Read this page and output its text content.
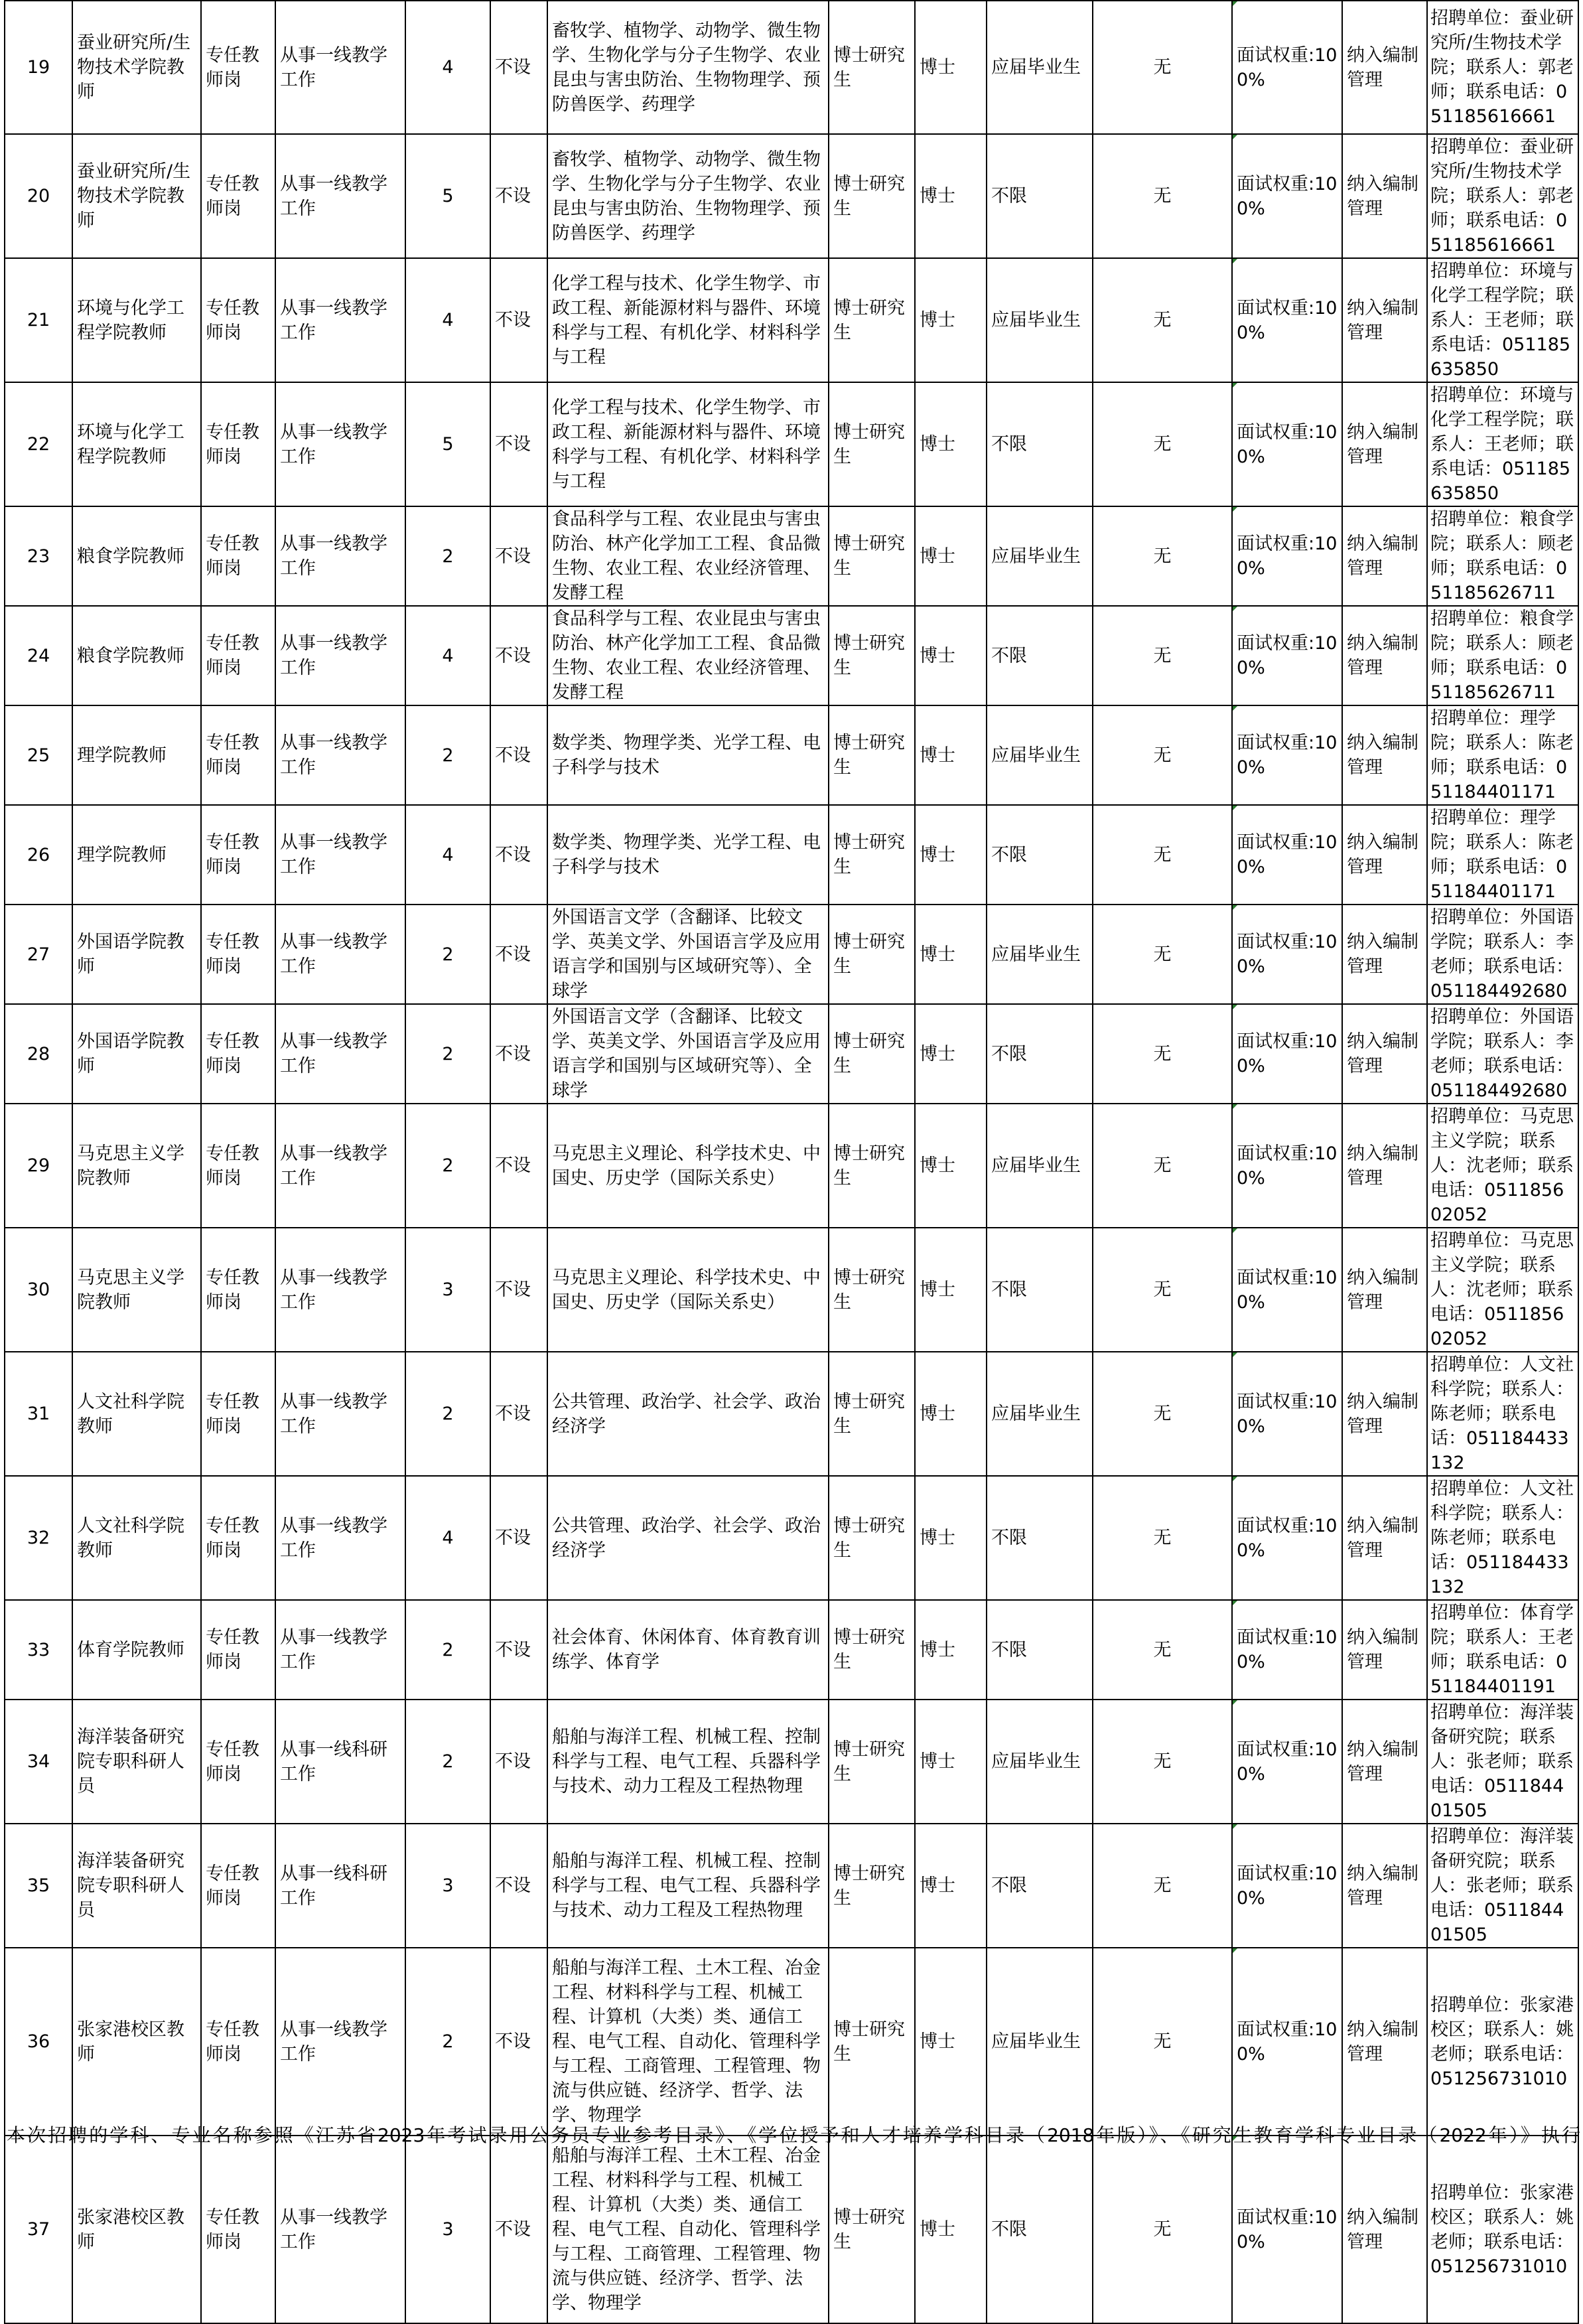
19	蚕业研究所/生物技术学院教师	专任教师岗	从事一线教学工作	4	不设	畜牧学、植物学、动物学、微生物学、生物化学与分子生物学、农业昆虫与害虫防治、生物物理学、预防兽医学、药理学	博士研究生	博士	应届毕业生	无	面试权重:100%	纳入编制管理	招聘单位：蚕业研究所/生物技术学院；联系人：郭老师；联系电话：051185616661
20	蚕业研究所/生物技术学院教师	专任教师岗	从事一线教学工作	5	不设	畜牧学、植物学、动物学、微生物学、生物化学与分子生物学、农业昆虫与害虫防治、生物物理学、预防兽医学、药理学	博士研究生	博士	不限	无	面试权重:100%	纳入编制管理	招聘单位：蚕业研究所/生物技术学院；联系人：郭老师；联系电话：051185616661
21	环境与化学工程学院教师	专任教师岗	从事一线教学工作	4	不设	化学工程与技术、化学生物学、市政工程、新能源材料与器件、环境科学与工程、有机化学、材料科学与工程	博士研究生	博士	应届毕业生	无	面试权重:100%	纳入编制管理	招聘单位：环境与化学工程学院；联系人：王老师；联系电话：051185635850
22	环境与化学工程学院教师	专任教师岗	从事一线教学工作	5	不设	化学工程与技术、化学生物学、市政工程、新能源材料与器件、环境科学与工程、有机化学、材料科学与工程	博士研究生	博士	不限	无	面试权重:100%	纳入编制管理	招聘单位：环境与化学工程学院；联系人：王老师；联系电话：051185635850
23	粮食学院教师	专任教师岗	从事一线教学工作	2	不设	食品科学与工程、农业昆虫与害虫防治、林产化学加工工程、食品微生物、农业工程、农业经济管理、发酵工程	博士研究生	博士	应届毕业生	无	面试权重:100%	纳入编制管理	招聘单位：粮食学院；联系人：顾老师；联系电话：051185626711
24	粮食学院教师	专任教师岗	从事一线教学工作	4	不设	食品科学与工程、农业昆虫与害虫防治、林产化学加工工程、食品微生物、农业工程、农业经济管理、发酵工程	博士研究生	博士	不限	无	面试权重:100%	纳入编制管理	招聘单位：粮食学院；联系人：顾老师；联系电话：051185626711
25	理学院教师	专任教师岗	从事一线教学工作	2	不设	数学类、物理学类、光学工程、电子科学与技术	博士研究生	博士	应届毕业生	无	面试权重:100%	纳入编制管理	招聘单位：理学院；联系人：陈老师；联系电话：051184401171
26	理学院教师	专任教师岗	从事一线教学工作	4	不设	数学类、物理学类、光学工程、电子科学与技术	博士研究生	博士	不限	无	面试权重:100%	纳入编制管理	招聘单位：理学院；联系人：陈老师；联系电话：051184401171
27	外国语学院教师	专任教师岗	从事一线教学工作	2	不设	外国语言文学（含翻译、比较文学、英美文学、外国语言学及应用语言学和国别与区域研究等）、全球学	博士研究生	博士	应届毕业生	无	面试权重:100%	纳入编制管理	招聘单位：外国语学院；联系人：李老师；联系电话：051184492680
28	外国语学院教师	专任教师岗	从事一线教学工作	2	不设	外国语言文学（含翻译、比较文学、英美文学、外国语言学及应用语言学和国别与区域研究等）、全球学	博士研究生	博士	不限	无	面试权重:100%	纳入编制管理	招聘单位：外国语学院；联系人：李老师；联系电话：051184492680
29	马克思主义学院教师	专任教师岗	从事一线教学工作	2	不设	马克思主义理论、科学技术史、中国史、历史学（国际关系史）	博士研究生	博士	应届毕业生	无	面试权重:100%	纳入编制管理	招聘单位：马克思主义学院；联系人：沈老师；联系电话：051185602052
30	马克思主义学院教师	专任教师岗	从事一线教学工作	3	不设	马克思主义理论、科学技术史、中国史、历史学（国际关系史）	博士研究生	博士	不限	无	面试权重:100%	纳入编制管理	招聘单位：马克思主义学院；联系人：沈老师；联系电话：051185602052
31	人文社科学院教师	专任教师岗	从事一线教学工作	2	不设	公共管理、政治学、社会学、政治经济学	博士研究生	博士	应届毕业生	无	面试权重:100%	纳入编制管理	招聘单位：人文社科学院；联系人：陈老师；联系电话：051184433132
32	人文社科学院教师	专任教师岗	从事一线教学工作	4	不设	公共管理、政治学、社会学、政治经济学	博士研究生	博士	不限	无	面试权重:100%	纳入编制管理	招聘单位：人文社科学院；联系人：陈老师；联系电话：051184433132
33	体育学院教师	专任教师岗	从事一线教学工作	2	不设	社会体育、休闲体育、体育教育训练学、体育学	博士研究生	博士	不限	无	面试权重:100%	纳入编制管理	招聘单位：体育学院；联系人：王老师；联系电话：051184401191
34	海洋装备研究院专职科研人员	专任教师岗	从事一线科研工作	2	不设	船舶与海洋工程、机械工程、控制科学与工程、电气工程、兵器科学与技术、动力工程及工程热物理	博士研究生	博士	应届毕业生	无	面试权重:100%	纳入编制管理	招聘单位：海洋装备研究院；联系人：张老师；联系电话：051184401505
35	海洋装备研究院专职科研人员	专任教师岗	从事一线科研工作	3	不设	船舶与海洋工程、机械工程、控制科学与工程、电气工程、兵器科学与技术、动力工程及工程热物理	博士研究生	博士	不限	无	面试权重:100%	纳入编制管理	招聘单位：海洋装备研究院；联系人：张老师；联系电话：051184401505
36	张家港校区教师	专任教师岗	从事一线教学工作	2	不设	船舶与海洋工程、土木工程、冶金工程、材料科学与工程、机械工程、计算机（大类）类、通信工程、电气工程、自动化、管理科学与工程、工商管理、工程管理、物流与供应链、经济学、哲学、法学、物理学	博士研究生	博士	应届毕业生	无	面试权重:100%	纳入编制管理	招聘单位：张家港校区；联系人：姚老师；联系电话：051256731010
37	张家港校区教师	专任教师岗	从事一线教学工作	3	不设	船舶与海洋工程、土木工程、冶金工程、材料科学与工程、机械工程、计算机（大类）类、通信工程、电气工程、自动化、管理科学与工程、工商管理、工程管理、物流与供应链、经济学、哲学、法学、物理学	博士研究生	博士	不限	无	面试权重:100%	纳入编制管理	招聘单位：张家港校区；联系人：姚老师；联系电话：051256731010
本次招聘的学科、专业名称参照《江苏省2023年考试录用公务员专业参考目录》、《学位授予和人才培养学科目录（2018年版）》、《研究生教育学科专业目录（2022年）》执行
